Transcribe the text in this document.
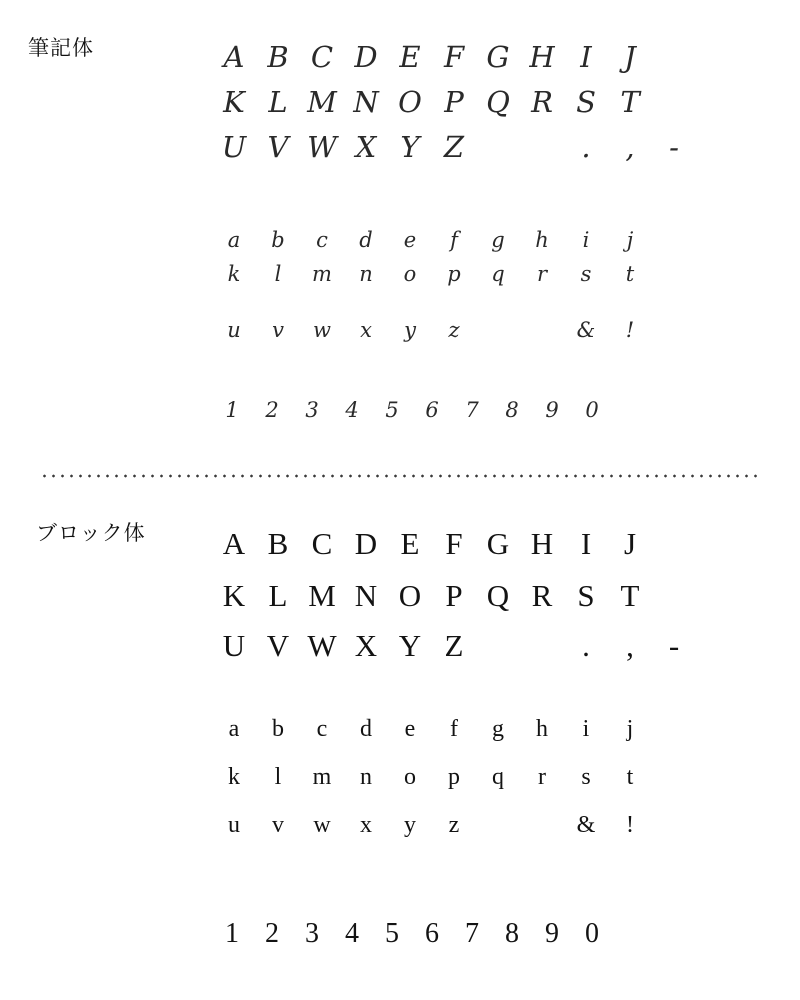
筆記体	A B C D E F G H I	J
K L M N O P Q R S T
U V W X Y Z	.	,	-
a	b	c	d	e	f	g	h	i	j
k	l	m	n	o	p	q	r	s	t
u	v	w	x	y	z	&	!
1	2	3	4	5	6	7	8	9	0
ブロック体	A B C D E F G H I	J
K L M N O P Q R S T
U V W X Y Z	.	,	-
a	b	c	d	e	f	g	h	i	j
k	l	m	n	o	p	q	r	s	t
u	v	w	x	y	z	&	!
1 2 3 4 5 6 7 8 9 0
